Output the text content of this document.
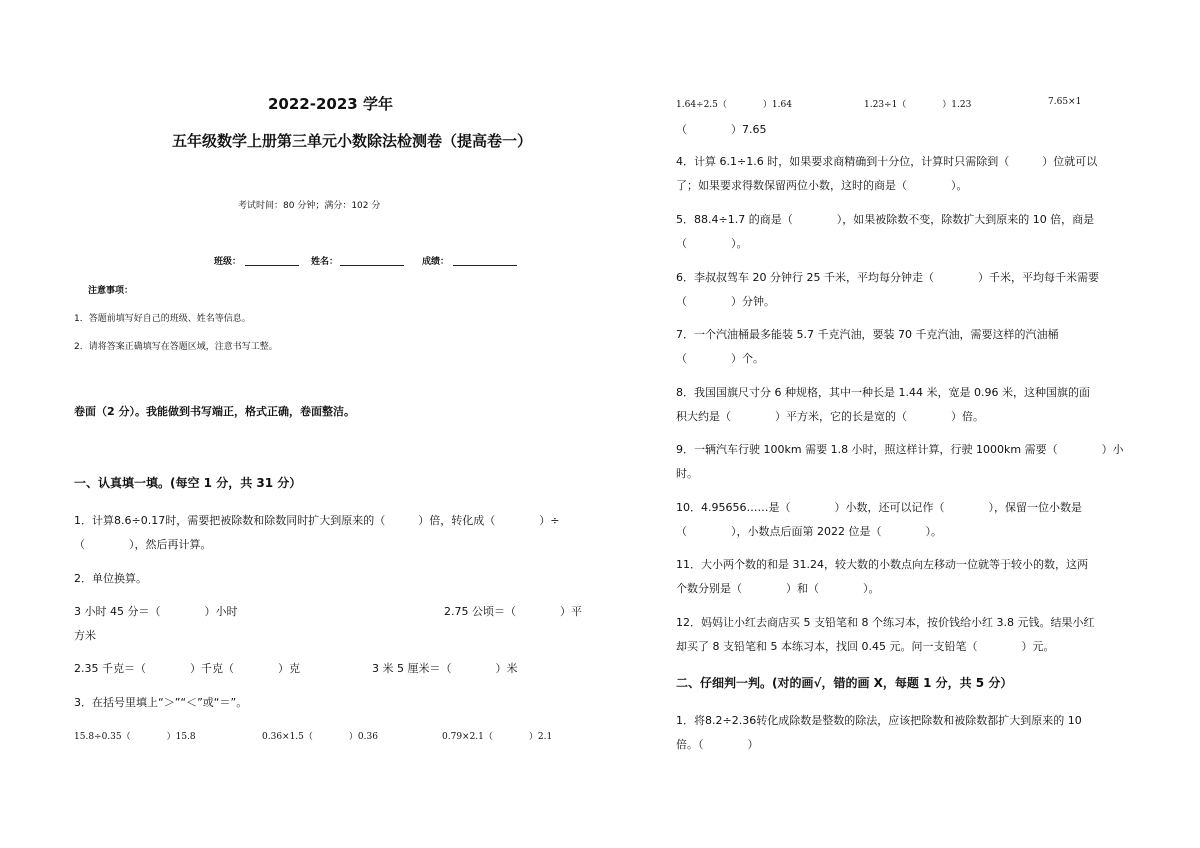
2022-2023 学年
五年级数学上册第三单元小数除法检测卷（提高卷一）
考试时间：80 分钟；满分：102 分
班级：	姓名：	成绩：
注意事项：
1．答题前填写好自己的班级、姓名等信息。
2．请将答案正确填写在答题区域，注意书写工整。
卷面（2 分）。我能做到书写端正，格式正确，卷面整洁。
一、认真填一填。(每空 1 分，共 31 分）
1．计算8.6÷0.17时，需要把被除数和除数同时扩大到原来的（　　　）倍，转化成（　　　　）÷
（　　　　），然后再计算。
2．单位换算。
3 小时 45 分＝（　　　　）小时	2.75 公顷＝（　　　　）平
方米
2.35 千克＝（　　　　）千克（　　　　）克	3 米 5 厘米＝（　　　　）米
3．在括号里填上“＞”“＜”或“＝”。
15.8÷0.35（　　　　）15.8	0.36×1.5（　　　　）0.36	0.79×2.1（　　　　）2.1
1.64÷2.5（　　　　）1.64	1.23÷1（　　　　）1.23	7.65×1
（　　　　）7.65
4．计算 6.1÷1.6 时，如果要求商精确到十分位，计算时只需除到（　　　）位就可以
了；如果要求得数保留两位小数，这时的商是（　　　　）。
5．88.4÷1.7 的商是（　　　　），如果被除数不变，除数扩大到原来的 10 倍，商是
（　　　　）。
6．李叔叔驾车 20 分钟行 25 千米，平均每分钟走（　　　　）千米，平均每千米需要
（　　　　）分钟。
7．一个汽油桶最多能装 5.7 千克汽油，要装 70 千克汽油，需要这样的汽油桶
（　　　　）个。
8．我国国旗尺寸分 6 种规格，其中一种长是 1.44 米，宽是 0.96 米，这种国旗的面
积大约是（　　　　）平方米，它的长是宽的（　　　　）倍。
9．一辆汽车行驶 100km 需要 1.8 小时，照这样计算，行驶 1000km 需要（　　　　）小
时。
10．4.95656……是（　　　　）小数，还可以记作（　　　　），保留一位小数是
（　　　　），小数点后面第 2022 位是（　　　　）。
11．大小两个数的和是 31.24，较大数的小数点向左移动一位就等于较小的数，这两
个数分别是（　　　　）和（　　　　）。
12．妈妈让小红去商店买 5 支铅笔和 8 个练习本，按价钱给小红 3.8 元钱。结果小红
却买了 8 支铅笔和 5 本练习本，找回 0.45 元。问一支铅笔（　　　　）元。
二、仔细判一判。(对的画√，错的画 X，每题 1 分，共 5 分）
1．将8.2÷2.36转化成除数是整数的除法，应该把除数和被除数都扩大到原来的 10
倍。（　　　　）
